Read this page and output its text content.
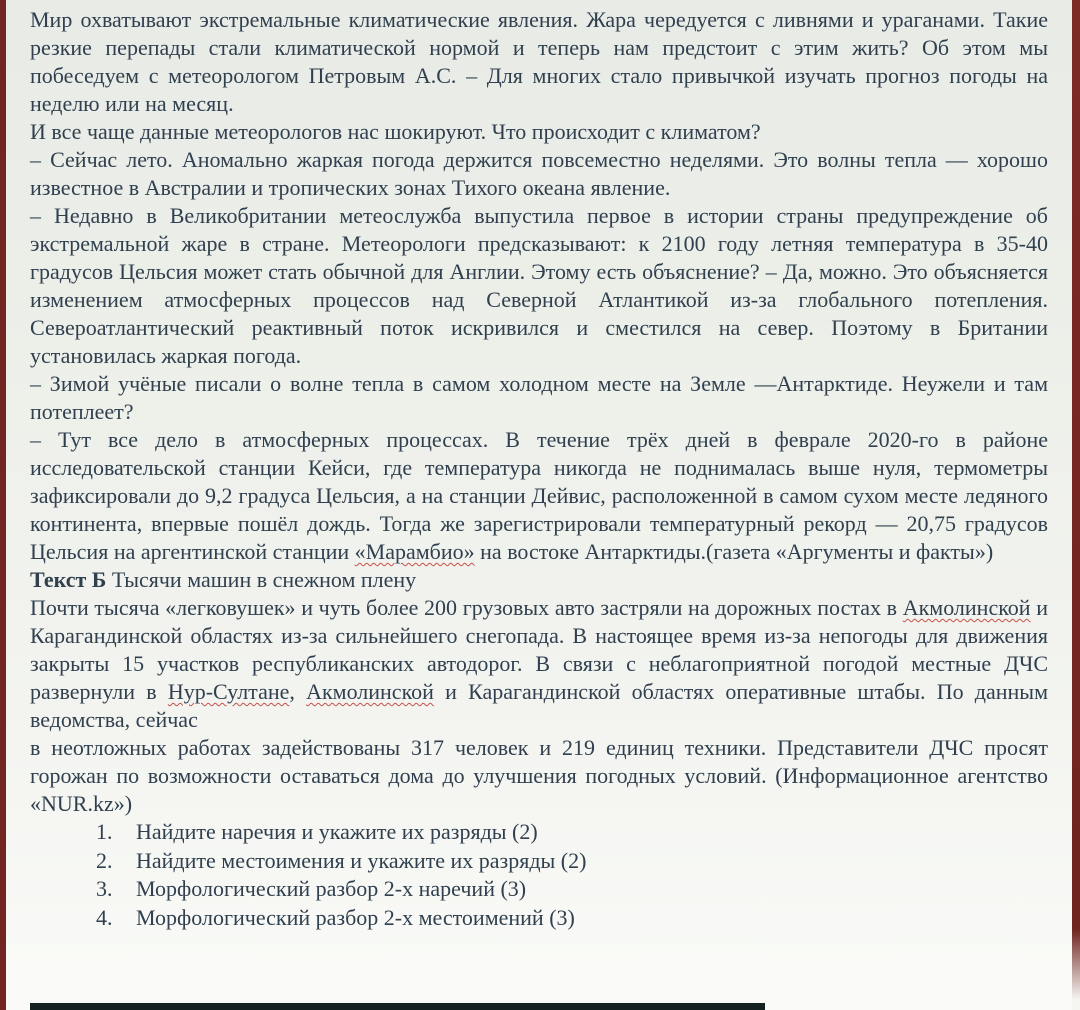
Мир охватывают экстремальные климатические явления. Жара чередуется с ливнями и ураганами. Такие резкие перепады стали климатической нормой и теперь нам предстоит с этим жить? Об этом мы побеседуем с метеорологом Петровым А.С. – Для многих стало привычкой изучать прогноз погоды на неделю или на месяц.

И все чаще данные метеорологов нас шокируют. Что происходит с климатом?

– Сейчас лето. Аномально жаркая погода держится повсеместно неделями. Это волны тепла — хорошо известное в Австралии и тропических зонах Тихого океана явление.

– Недавно в Великобритании метеослужба выпустила первое в истории страны предупреждение об экстремальной жаре в стране. Метеорологи предсказывают: к 2100 году летняя температура в 35-40 градусов Цельсия может стать обычной для Англии. Этому есть объяснение? – Да, можно. Это объясняется изменением атмосферных процессов над Северной Атлантикой из-за глобального потепления. Североатлантический реактивный поток искривился и сместился на север. Поэтому в Британии установилась жаркая погода.

– Зимой учёные писали о волне тепла в самом холодном месте на Земле —Антарктиде. Неужели и там потеплеет?

– Тут все дело в атмосферных процессах. В течение трёх дней в феврале 2020-го в районе исследовательской станции Кейси, где температура никогда не поднималась выше нуля, термометры зафиксировали до 9,2 градуса Цельсия, а на станции Дейвис, расположенной в самом сухом месте ледяного континента, впервые пошёл дождь. Тогда же зарегистрировали температурный рекорд — 20,75 градусов Цельсия на аргентинской станции «Марамбио» на востоке Антарктиды.(газета «Аргументы и факты»)

Текст Б Тысячи машин в снежном плену

Почти тысяча «легковушек» и чуть более 200 грузовых авто застряли на дорожных постах в Акмолинской и Карагандинской областях из-за сильнейшего снегопада. В настоящее время из-за непогоды для движения закрыты 15 участков республиканских автодорог. В связи с неблагоприятной погодой местные ДЧС развернули в Нур-Султане, Акмолинской и Карагандинской областях оперативные штабы. По данным ведомства, сейчас

в неотложных работах задействованы 317 человек и 219 единиц техники. Представители ДЧС просят горожан по возможности оставаться дома до улучшения погодных условий. (Информационное агентство «NUR.kz»)

1. Найдите наречия и укажите их разряды (2)
2. Найдите местоимения и укажите их разряды (2)
3. Морфологический разбор 2-х наречий (3)
4. Морфологический разбор 2-х местоимений (3)
